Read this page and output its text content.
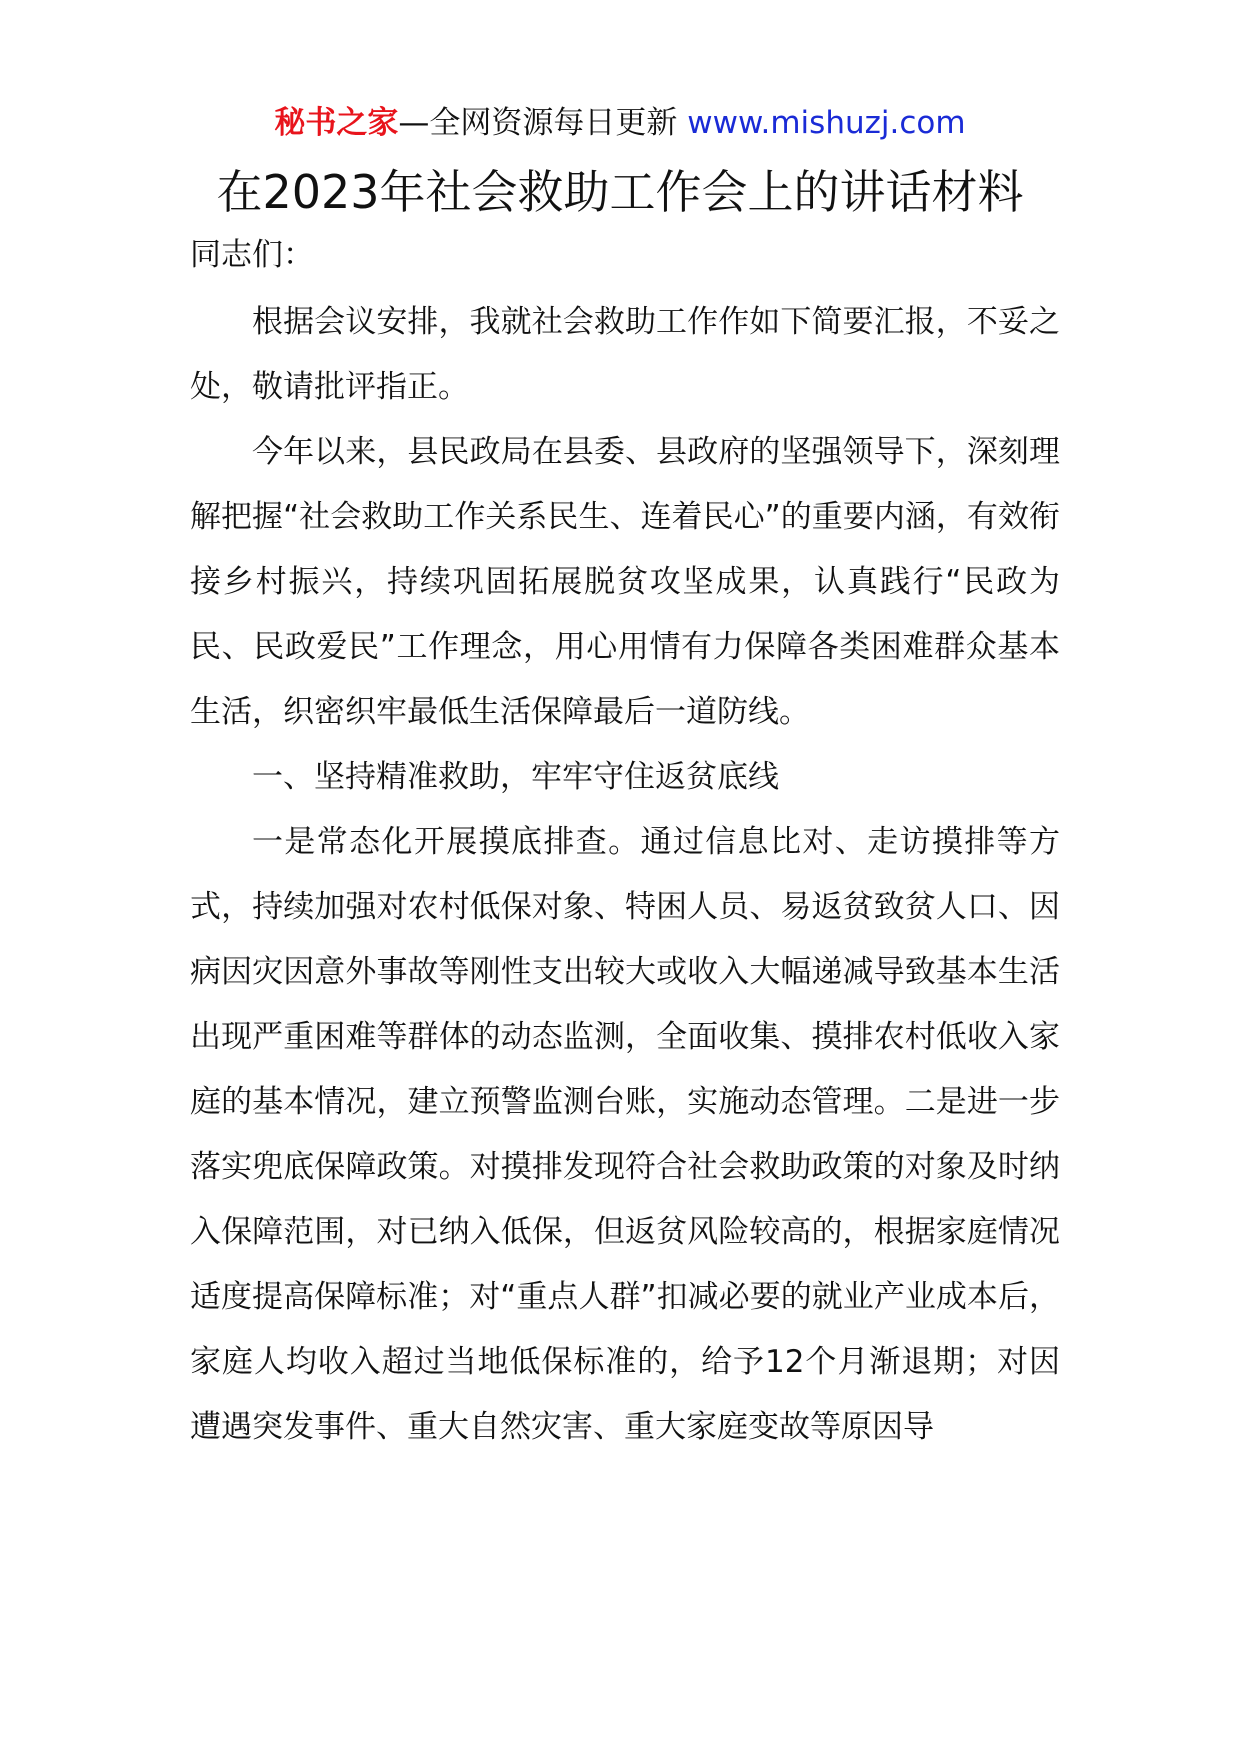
秘书之家—全网资源每日更新 www.mishuzj.com
在2023年社会救助工作会上的讲话材料

同志们：

根据会议安排，我就社会救助工作作如下简要汇报，不妥之处，敬请批评指正。

今年以来，县民政局在县委、县政府的坚强领导下，深刻理解把握“社会救助工作关系民生、连着民心”的重要内涵，有效衔接乡村振兴，持续巩固拓展脱贫攻坚成果，认真践行“民政为民、民政爱民”工作理念，用心用情有力保障各类困难群众基本生活，织密织牢最低生活保障最后一道防线。

一、坚持精准救助，牢牢守住返贫底线

一是常态化开展摸底排查。通过信息比对、走访摸排等方式，持续加强对农村低保对象、特困人员、易返贫致贫人口、因病因灾因意外事故等刚性支出较大或收入大幅递减导致基本生活出现严重困难等群体的动态监测，全面收集、摸排农村低收入家庭的基本情况，建立预警监测台账，实施动态管理。二是进一步落实兜底保障政策。对摸排发现符合社会救助政策的对象及时纳入保障范围，对已纳入低保，但返贫风险较高的，根据家庭情况适度提高保障标准；对“重点人群”扣减必要的就业产业成本后，家庭人均收入超过当地低保标准的，给予12个月渐退期；对因遭遇突发事件、重大自然灾害、重大家庭变故等原因导
